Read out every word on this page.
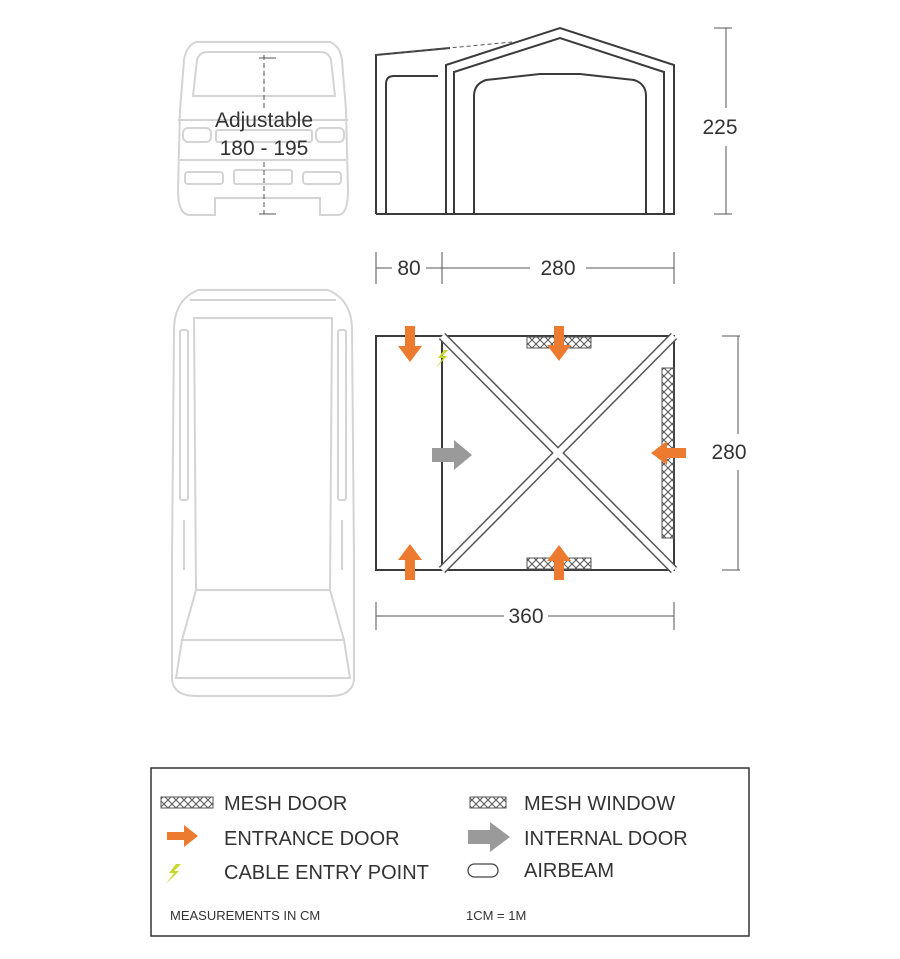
Adjustable
180 - 195
225
80	280
280
360
MESH DOOR	MESH WINDOW
ENTRANCE DOOR	INTERNAL DOOR
CABLE ENTRY POINT	AIRBEAM
MEASUREMENTS IN CM	1CM = 1M
